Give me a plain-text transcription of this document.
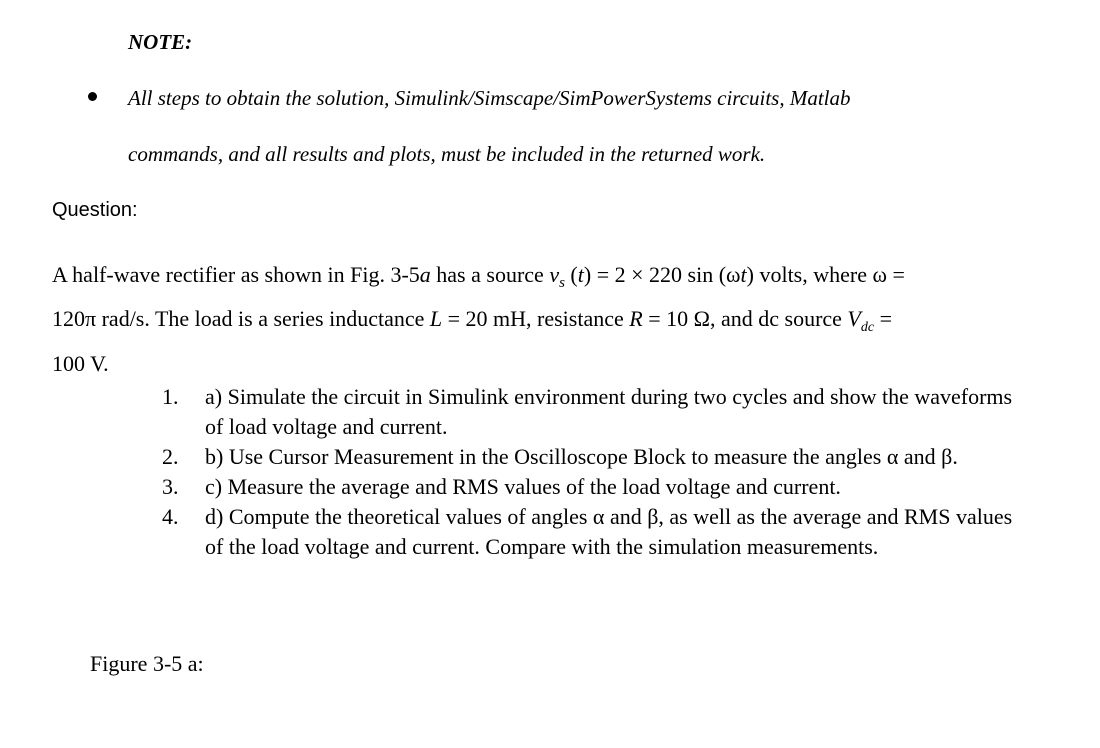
NOTE:
All steps to obtain the solution, Simulink/Simscape/SimPowerSystems circuits, Matlab
commands, and all results and plots, must be included in the returned work.
Question:
A half-wave rectifier as shown in Fig. 3-5a has a source $v_s$ (t) = 2 × 220 sin (ωt) volts, where ω =
120π rad/s. The load is a series inductance L = 20 mH, resistance R = 10 Ω, and dc source $V_{dc}$ =
100 V.
1. a) Simulate the circuit in Simulink environment during two cycles and show the waveforms of load voltage and current.
2. b) Use Cursor Measurement in the Oscilloscope Block to measure the angles α and β.
3. c) Measure the average and RMS values of the load voltage and current.
4. d) Compute the theoretical values of angles α and β, as well as the average and RMS values of the load voltage and current. Compare with the simulation measurements.
Figure 3-5 a:
